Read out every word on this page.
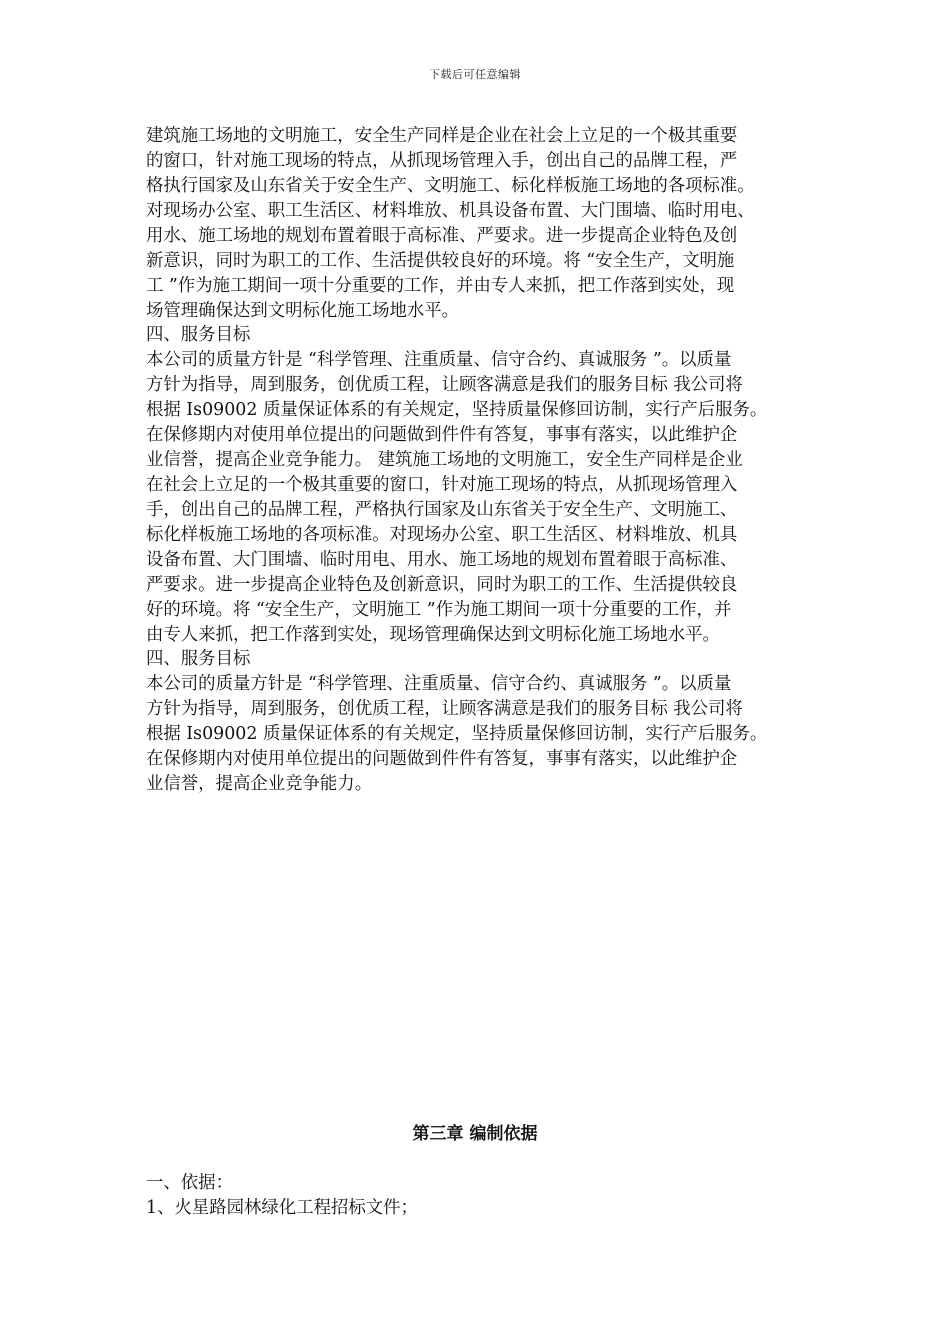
下载后可任意编辑
建筑施工场地的文明施工，安全生产同样是企业在社会上立足的一个极其重要
的窗口，针对施工现场的特点，从抓现场管理入手，创出自己的品牌工程，严
格执行国家及山东省关于安全生产、文明施工、标化样板施工场地的各项标准。
对现场办公室、职工生活区、材料堆放、机具设备布置、大门围墙、临时用电、
用水、施工场地的规划布置着眼于高标准、严要求。进一步提高企业特色及创
新意识，同时为职工的工作、生活提供较良好的环境。将 “安全生产，文明施
工 ”作为施工期间一项十分重要的工作，并由专人来抓，把工作落到实处，现
场管理确保达到文明标化施工场地水平。
四、服务目标
本公司的质量方针是 “科学管理、注重质量、信守合约、真诚服务 ”。以质量
方针为指导，周到服务，创优质工程，让顾客满意是我们的服务目标 我公司将
根据 Is09002 质量保证体系的有关规定，坚持质量保修回访制，实行产后服务。
在保修期内对使用单位提出的问题做到件件有答复，事事有落实，以此维护企
业信誉，提高企业竞争能力。 建筑施工场地的文明施工，安全生产同样是企业
在社会上立足的一个极其重要的窗口，针对施工现场的特点，从抓现场管理入
手，创出自己的品牌工程，严格执行国家及山东省关于安全生产、文明施工、
标化样板施工场地的各项标准。对现场办公室、职工生活区、材料堆放、机具
设备布置、大门围墙、临时用电、用水、施工场地的规划布置着眼于高标准、
严要求。进一步提高企业特色及创新意识，同时为职工的工作、生活提供较良
好的环境。将 “安全生产，文明施工 ”作为施工期间一项十分重要的工作，并
由专人来抓，把工作落到实处，现场管理确保达到文明标化施工场地水平。
四、服务目标
本公司的质量方针是 “科学管理、注重质量、信守合约、真诚服务 ”。以质量
方针为指导，周到服务，创优质工程，让顾客满意是我们的服务目标 我公司将
根据 Is09002 质量保证体系的有关规定，坚持质量保修回访制，实行产后服务。
在保修期内对使用单位提出的问题做到件件有答复，事事有落实，以此维护企
业信誉，提高企业竞争能力。
第三章 编制依据
一、依据：
1、火星路园林绿化工程招标文件；
